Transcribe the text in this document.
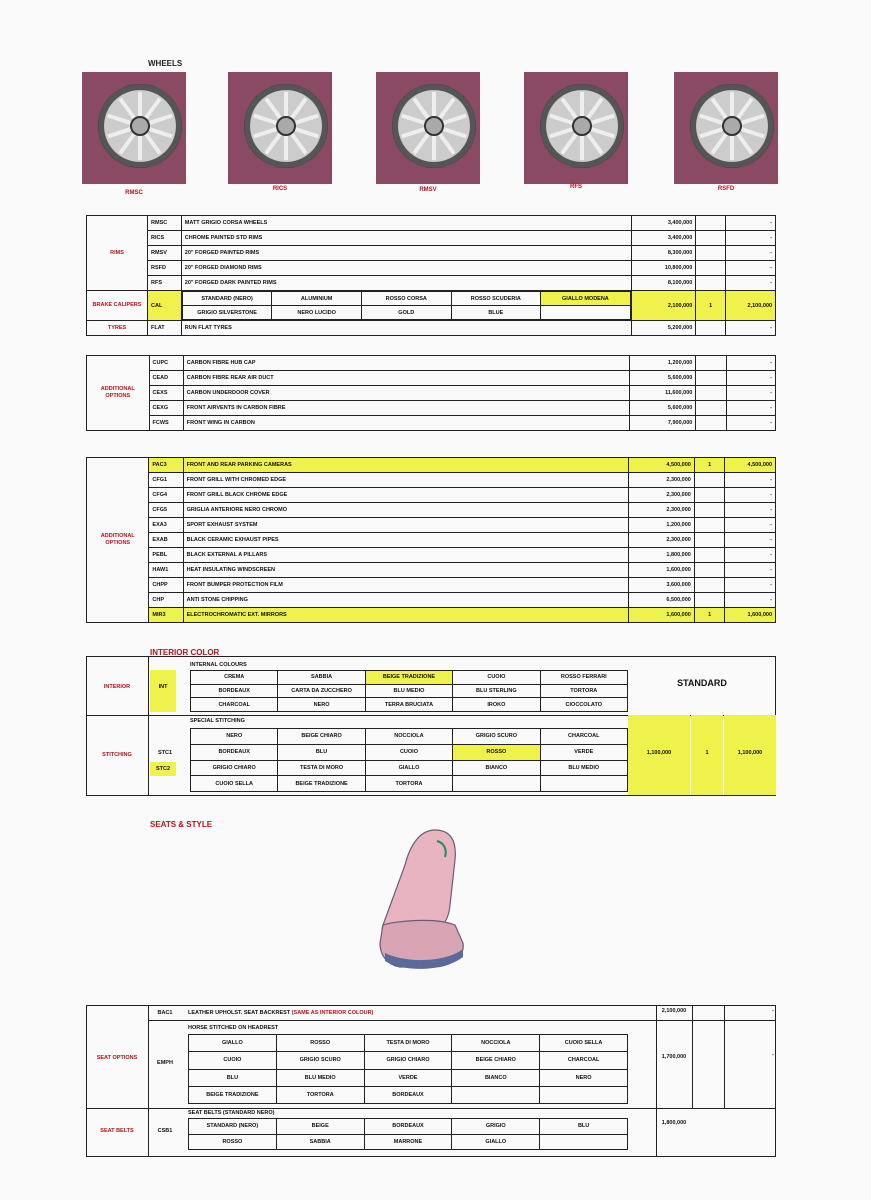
WHEELS
RMSC
RICS	RMSV	RFS	RSFD
RIMS	RMSC	MATT GRIGIO CORSA WHEELS	3,400,000		-
RICS	CHROME PAINTED STD RIMS	3,400,000		-
RMSV	20" FORGED PAINTED RIMS	8,300,000		-
RSFD	20" FORGED DIAMOND RIMS	10,800,000		-
RFS	20" FORGED DARK PAINTED RIMS	8,100,000		-
BRAKE CALIPERS	CAL	
STANDARD (NERO)	ALUMINIUM	ROSSO CORSA	ROSSO SCUDERIA	GIALLO MODENA
GRIGIO SILVERSTONE	NERO LUCIDO	GOLD	BLUE	
	2,100,000	1	2,100,000
TYRES	FLAT	RUN FLAT TYRES	5,200,000		-
ADDITIONAL OPTIONS	CUPC	CARBON FIBRE HUB CAP	1,200,000		-
	CEAD	CARBON FIBRE REAR AIR DUCT	5,600,000		-
	CEXS	CARBON UNDERDOOR COVER	11,600,000		-
	CEXG	FRONT AIRVENTS IN CARBON FIBRE	5,600,000		-
	FCWS	FRONT WING IN CARBON	7,900,000		-
ADDITIONAL OPTIONS	PAC3	FRONT AND REAR PARKING CAMERAS	4,500,000	1	4,500,000
	CFG1	FRONT GRILL WITH CHROMED EDGE	2,300,000		-
	CFG4	FRONT GRILL BLACK CHROME EDGE	2,300,000		-
	CFG5	GRIGLIA ANTERIORE NERO CHROMO	2,300,000		-
	EXA3	SPORT EXHAUST SYSTEM	1,200,000		-
	EXAB	BLACK CERAMIC EXHAUST PIPES	2,300,000		-
	PEBL	BLACK EXTERNAL A PILLARS	1,800,000		-
	HAW1	HEAT INSULATING WINDSCREEN	1,600,000		-
	CHPP	FRONT BUMPER PROTECTION FILM	3,600,000		-
	CHP	ANTI STONE CHIPPING	6,500,000		-
	MIR3	ELECTROCHROMATIC EXT. MIRRORS	1,600,000	1	1,600,000
INTERIOR COLOR
INTERIOR	INT
INTERNAL COLOURS
STANDARD
CREMA	SABBIA	BEIGE TRADIZIONE	CUOIO	ROSSO FERRARI
BORDEAUX	CARTA DA ZUCCHERO	BLU MEDIO	BLU STERLING	TORTORA
CHARCOAL	NERO	TERRA BRUCIATA	IROKO	CIOCCOLATO
STITCHING	STC1
STC2
SPECIAL STITCHING
NERO	BEIGE CHIARO	NOCCIOLA	GRIGIO SCURO	CHARCOAL
BORDEAUX	BLU	CUOIO	ROSSO	VERDE
GRIGIO CHIARO	TESTA DI MORO	GIALLO	BIANCO	BLU MEDIO
CUOIO SELLA	BEIGE TRADIZIONE	TORTORA		
1,100,000	1	1,100,000
SEATS & STYLE
SEAT OPTIONS
BAC1	LEATHER UPHOLST. SEAT BACKREST (SAME AS INTERIOR COLOUR)	2,100,000	-
EMPH
HORSE STITCHED ON HEADREST
GIALLO	ROSSO	TESTA DI MORO	NOCCIOLA	CUOIO SELLA
CUOIO	GRIGIO SCURO	GRIGIO CHIARO	BEIGE CHIARO	CHARCOAL
BLU	BLU MEDIO	VERDE	BIANCO	NERO
BEIGE TRADIZIONE	TORTORA	BORDEAUX		
1,700,000	-
SEAT BELTS	CSB1
SEAT BELTS (STANDARD NERO)
STANDARD (NERO)	BEIGE	BORDEAUX	GRIGIO	BLU
ROSSO	SABBIA	MARRONE	GIALLO	
1,800,000
